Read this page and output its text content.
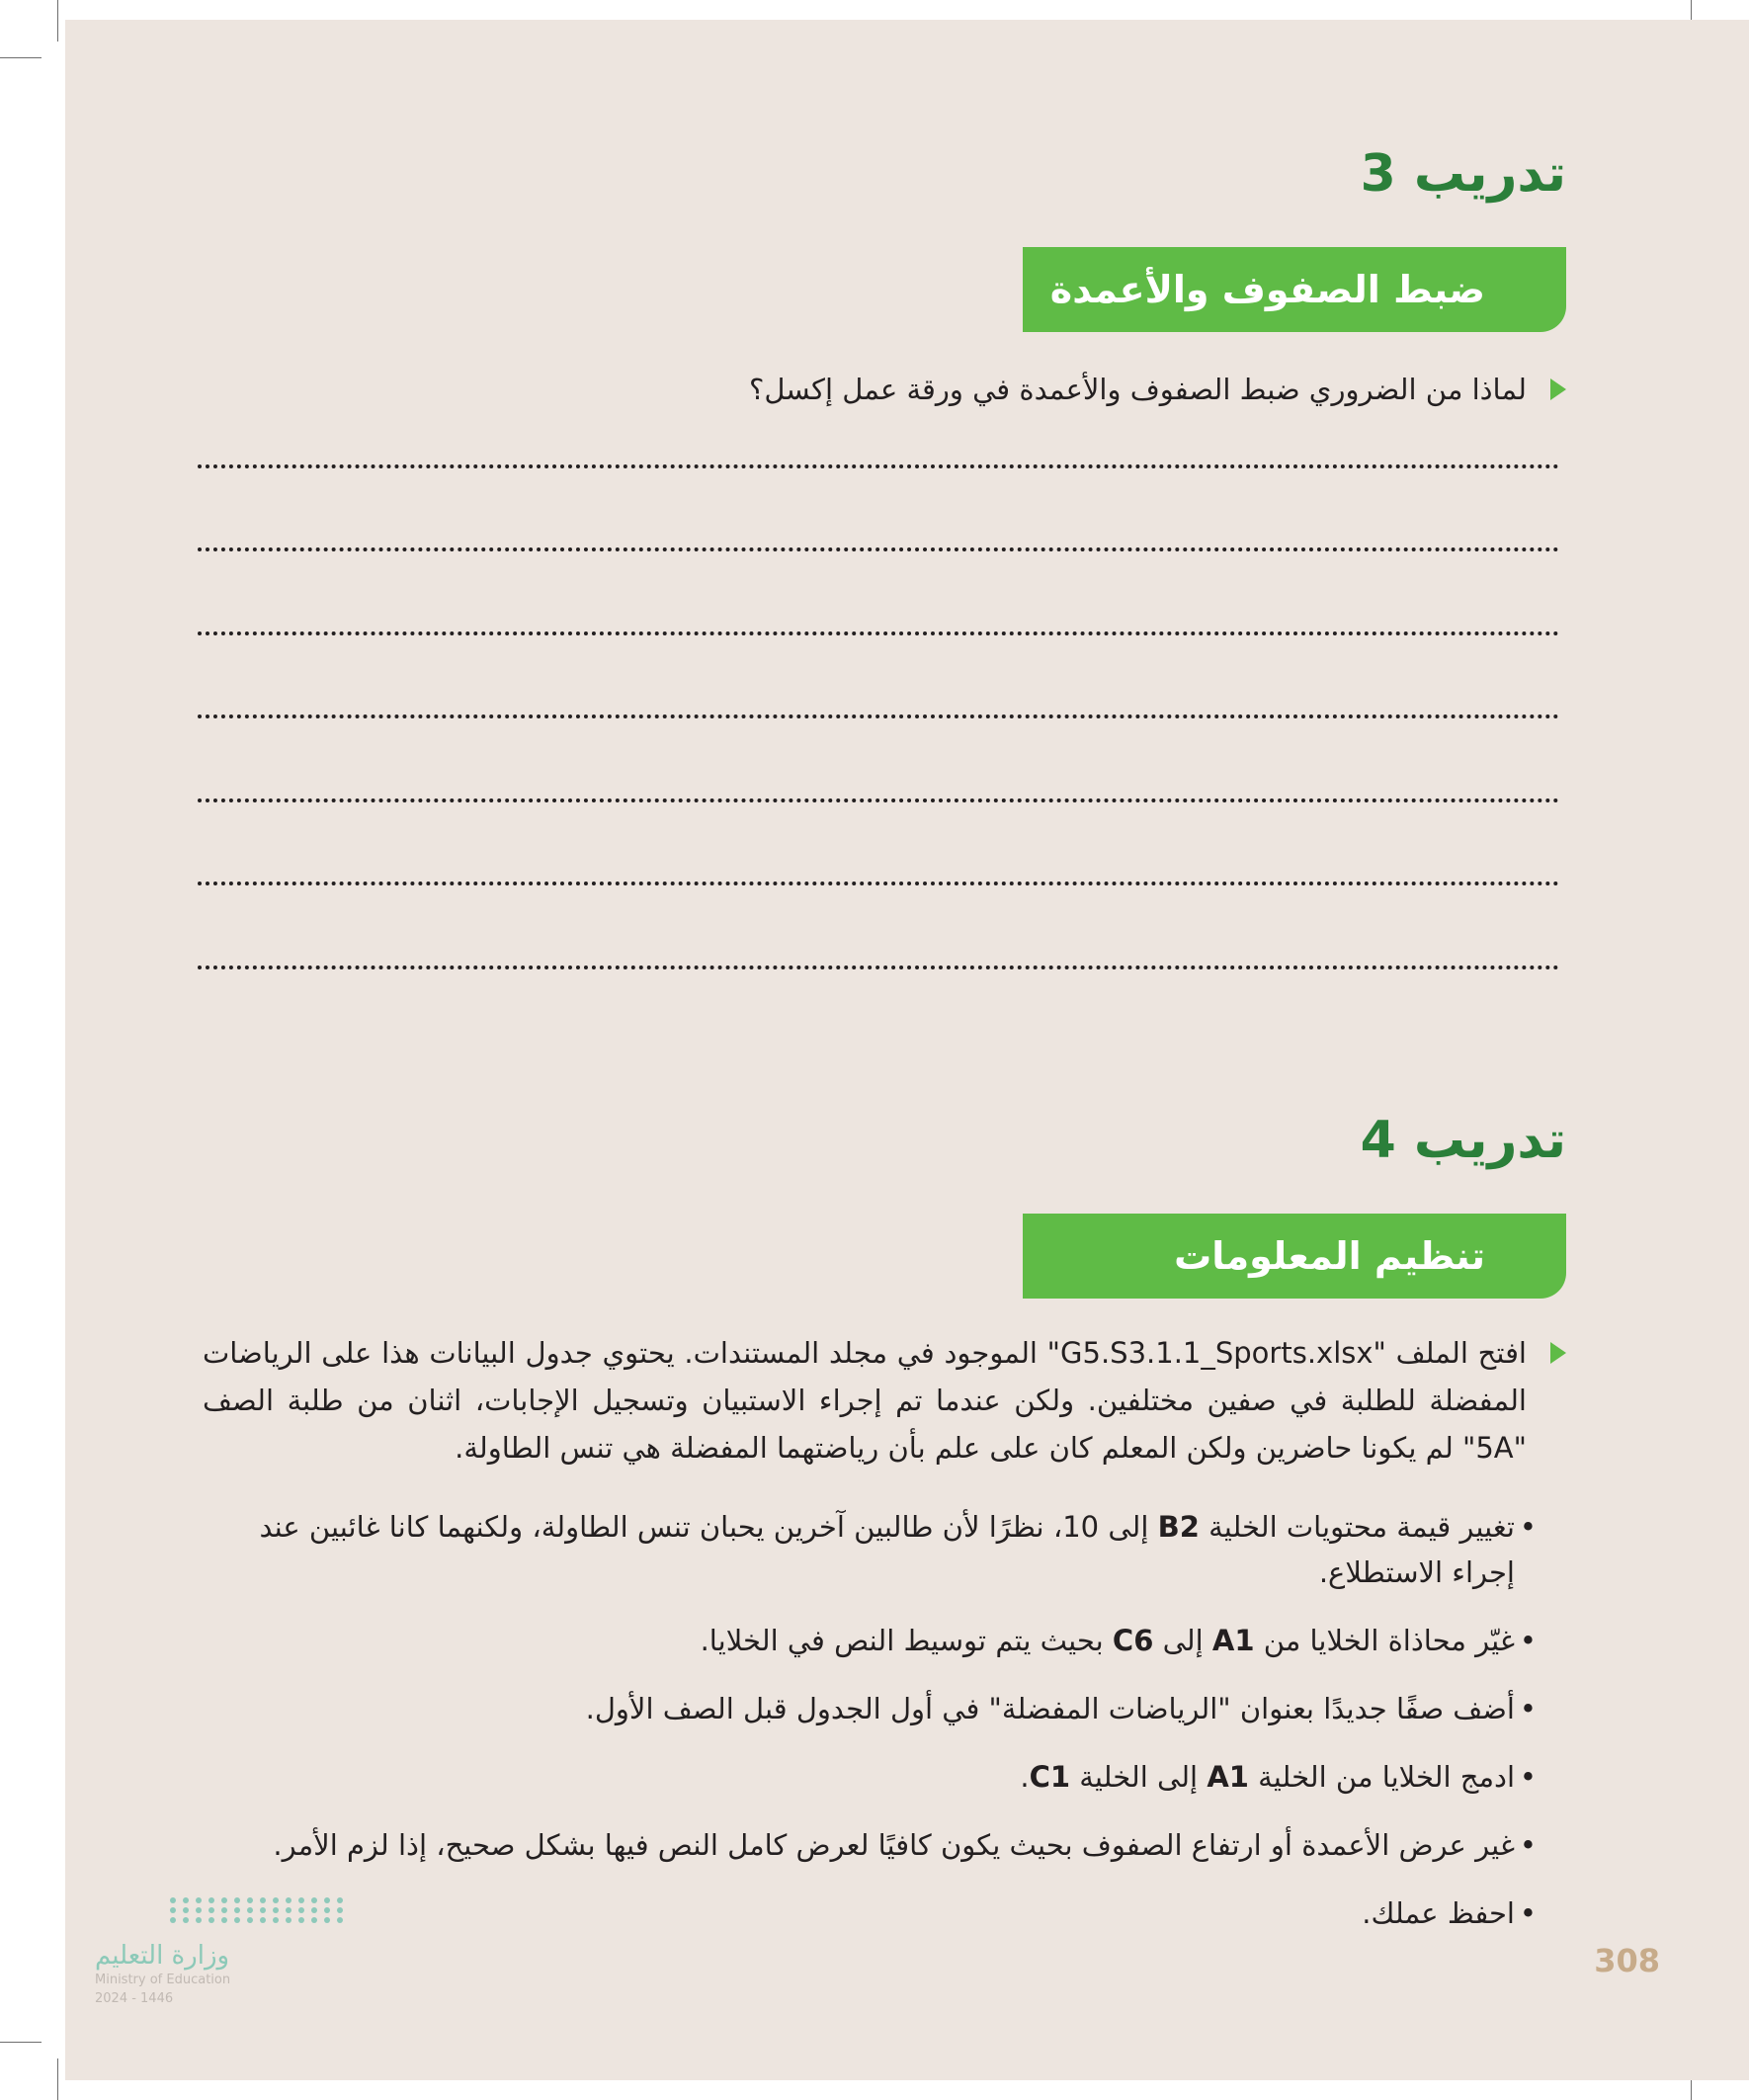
تدريب 3
ضبط الصفوف والأعمدة
لماذا من الضروري ضبط الصفوف والأعمدة في ورقة عمل إكسل؟
تدريب 4
تنظيم المعلومات
افتح الملف "G5.S3.1.1_Sports.xlsx" الموجود في مجلد المستندات. يحتوي جدول البيانات هذا على الرياضات المفضلة للطلبة في صفين مختلفين. ولكن عندما تم إجراء الاستبيان وتسجيل الإجابات، اثنان من طلبة الصف "5A" لم يكونا حاضرين ولكن المعلم كان على علم بأن رياضتهما المفضلة هي تنس الطاولة.
• تغيير قيمة محتويات الخلية B2 إلى 10، نظرًا لأن طالبين آخرين يحبان تنس الطاولة، ولكنهما كانا غائبين عند إجراء الاستطلاع.
• غيّر محاذاة الخلايا من A1 إلى C6 بحيث يتم توسيط النص في الخلايا.
• أضف صفًا جديدًا بعنوان "الرياضات المفضلة" في أول الجدول قبل الصف الأول.
• ادمج الخلايا من الخلية A1 إلى الخلية C1.
• غير عرض الأعمدة أو ارتفاع الصفوف بحيث يكون كافيًا لعرض كامل النص فيها بشكل صحيح، إذا لزم الأمر.
• احفظ عملك.
وزارة التعليم
Ministry of Education
2024 - 1446
308
